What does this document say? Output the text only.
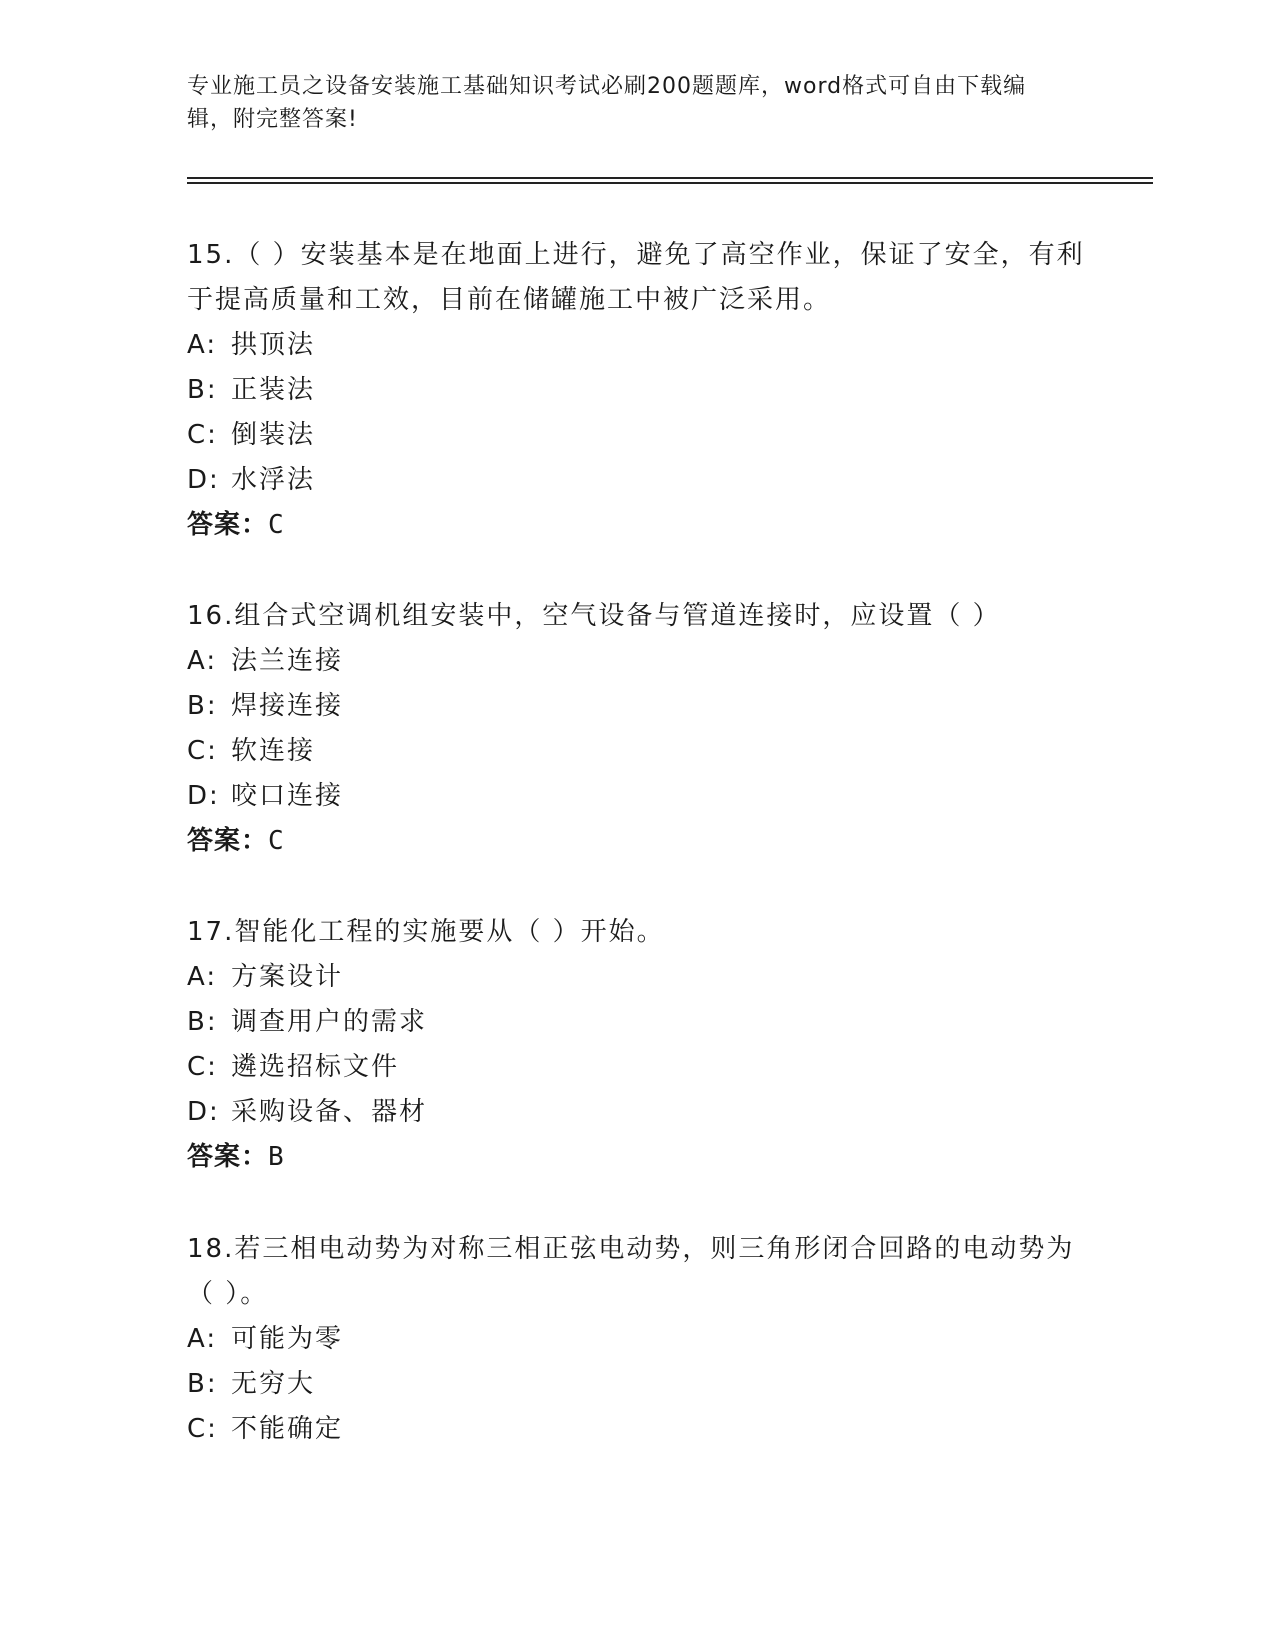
专业施工员之设备安装施工基础知识考试必刷200题题库，word格式可自由下载编辑，附完整答案!
15.（ ）安装基本是在地面上进行，避免了高空作业，保证了安全，有利于提高质量和工效，目前在储罐施工中被广泛采用。
A: 拱顶法
B: 正装法
C: 倒装法
D: 水浮法
答案：C
16.组合式空调机组安装中，空气设备与管道连接时，应设置（ ）
A: 法兰连接
B: 焊接连接
C: 软连接
D: 咬口连接
答案：C
17.智能化工程的实施要从（ ）开始。
A: 方案设计
B: 调查用户的需求
C: 遴选招标文件
D: 采购设备、器材
答案：B
18.若三相电动势为对称三相正弦电动势，则三角形闭合回路的电动势为（ ）。
A: 可能为零
B: 无穷大
C: 不能确定
